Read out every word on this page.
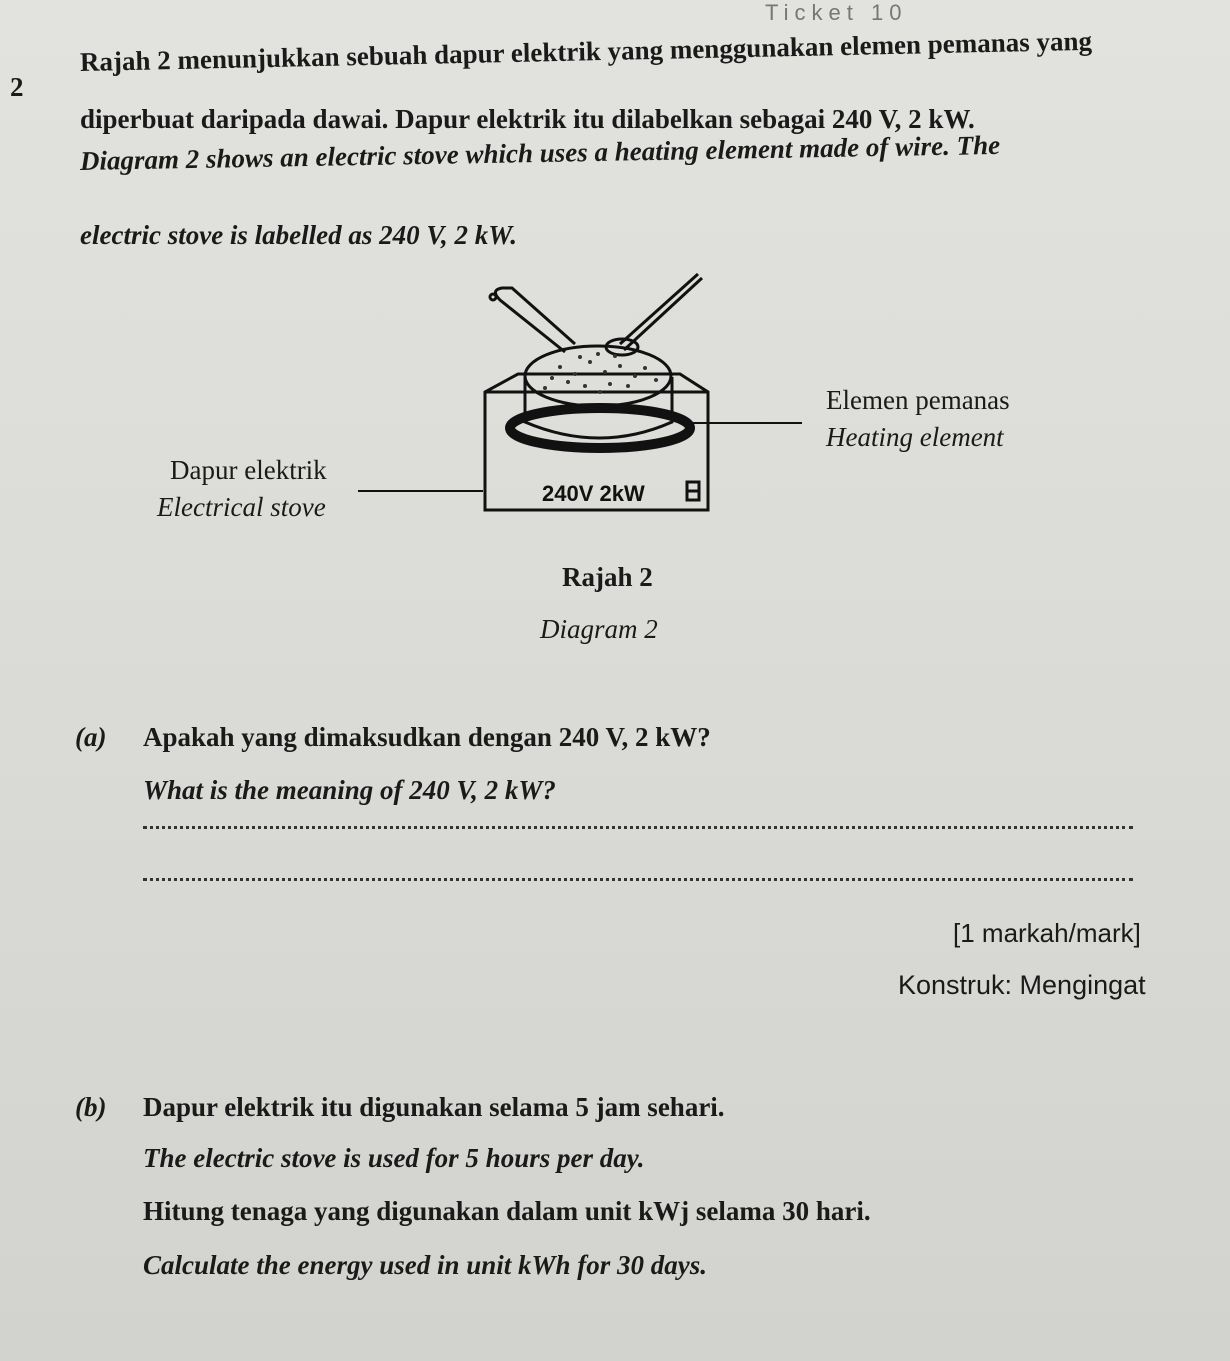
Ticket 10
2
Rajah 2 menunjukkan sebuah dapur elektrik yang menggunakan elemen pemanas yang
diperbuat daripada dawai. Dapur elektrik itu dilabelkan sebagai 240 V, 2 kW.
Diagram 2 shows an electric stove which uses a heating element made of wire. The
electric stove is labelled as 240 V, 2 kW.
240V 2kW
Elemen pemanas
Heating element
Dapur elektrik
Electrical stove
Rajah 2
Diagram 2
(a) Apakah yang dimaksudkan dengan 240 V, 2 kW?
What is the meaning of 240 V, 2 kW?
[1 markah/mark]
Konstruk: Mengingat
(b) Dapur elektrik itu digunakan selama 5 jam sehari.
The electric stove is used for 5 hours per day.
Hitung tenaga yang digunakan dalam unit kWj selama 30 hari.
Calculate the energy used in unit kWh for 30 days.
